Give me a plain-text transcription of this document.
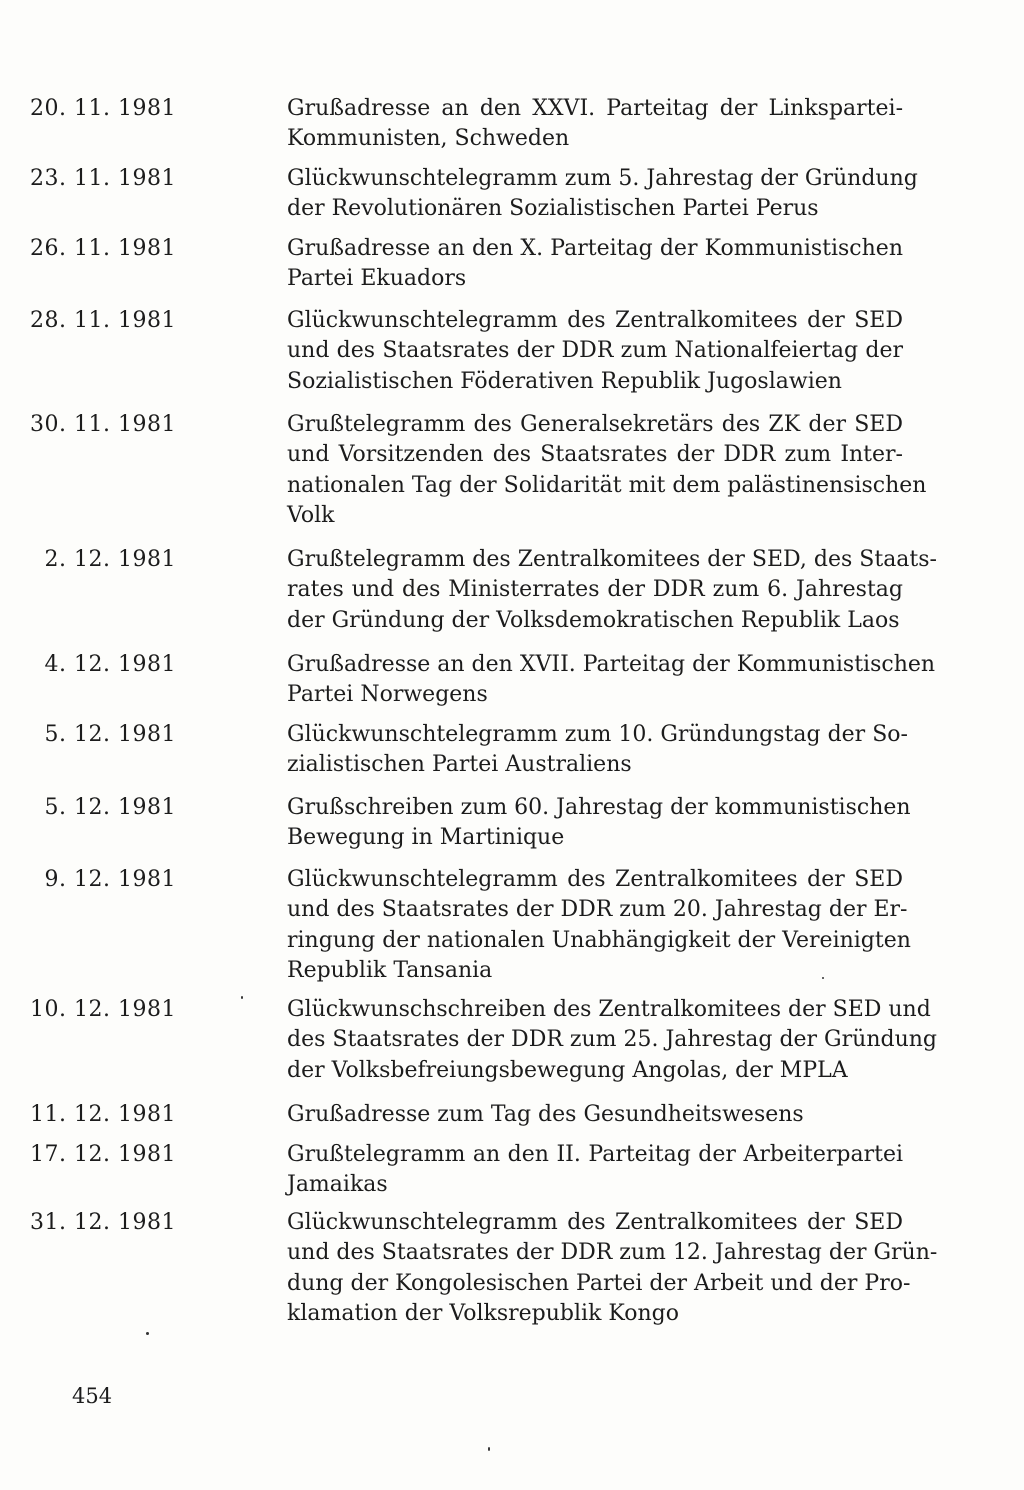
20. 11. 1981	Grußadresse an den XXVI. Parteitag der Linkspartei-
Kommunisten, Schweden
23. 11. 1981	Glückwunschtelegramm zum 5. Jahrestag der Gründung
der Revolutionären Sozialistischen Partei Perus
26. 11. 1981	Grußadresse an den X. Parteitag der Kommunistischen
Partei Ekuadors
28. 11. 1981	Glückwunschtelegramm des Zentralkomitees der SED
und des Staatsrates der DDR zum Nationalfeiertag der
Sozialistischen Föderativen Republik Jugoslawien
30. 11. 1981	Grußtelegramm des Generalsekretärs des ZK der SED
und Vorsitzenden des Staatsrates der DDR zum Inter-
nationalen Tag der Solidarität mit dem palästinensischen
Volk
2. 12. 1981	Grußtelegramm des Zentralkomitees der SED, des Staats-
rates und des Ministerrates der DDR zum 6. Jahrestag
der Gründung der Volksdemokratischen Republik Laos
4. 12. 1981	Grußadresse an den XVII. Parteitag der Kommunistischen
Partei Norwegens
5. 12. 1981	Glückwunschtelegramm zum 10. Gründungstag der So-
zialistischen Partei Australiens
5. 12. 1981	Grußschreiben zum 60. Jahrestag der kommunistischen
Bewegung in Martinique
9. 12. 1981	Glückwunschtelegramm des Zentralkomitees der SED
und des Staatsrates der DDR zum 20. Jahrestag der Er-
ringung der nationalen Unabhängigkeit der Vereinigten
Republik Tansania
10. 12. 1981	Glückwunschschreiben des Zentralkomitees der SED und
des Staatsrates der DDR zum 25. Jahrestag der Gründung
der Volksbefreiungsbewegung Angolas, der MPLA
11. 12. 1981	Grußadresse zum Tag des Gesundheitswesens
17. 12. 1981	Grußtelegramm an den II. Parteitag der Arbeiterpartei
Jamaikas
31. 12. 1981	Glückwunschtelegramm des Zentralkomitees der SED
und des Staatsrates der DDR zum 12. Jahrestag der Grün-
dung der Kongolesischen Partei der Arbeit und der Pro-
klamation der Volksrepublik Kongo
454
